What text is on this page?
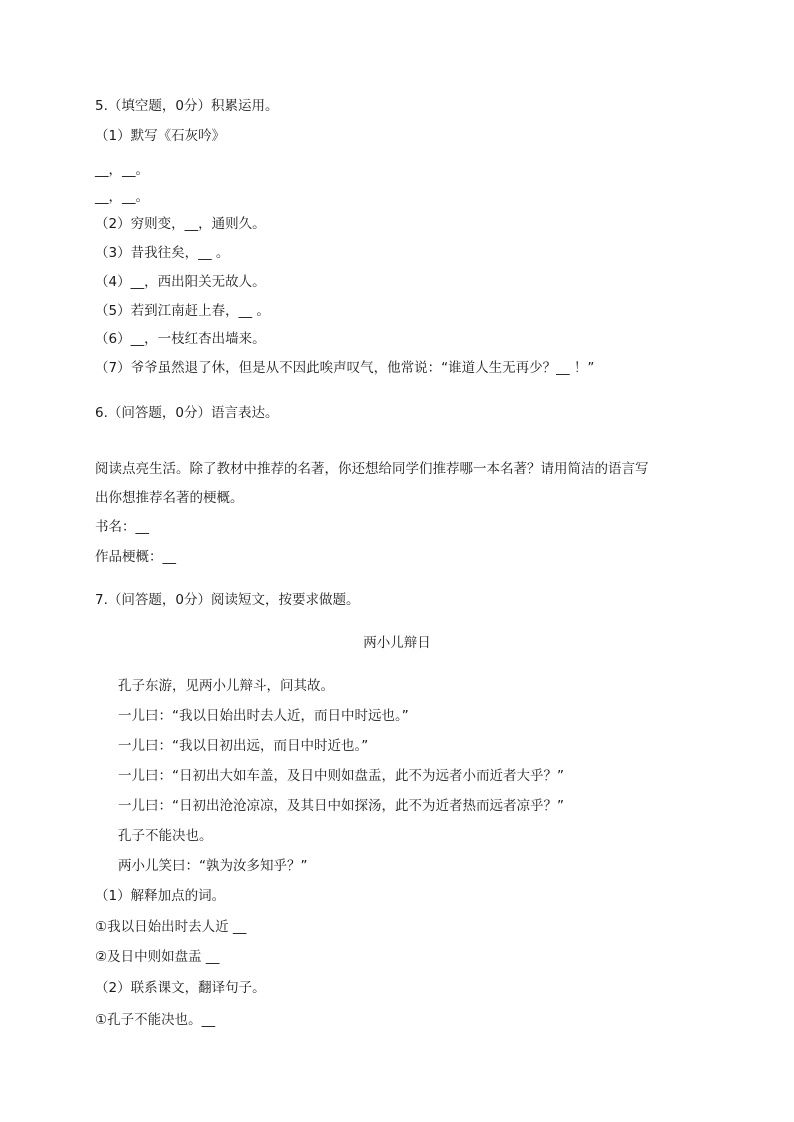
5.（填空题，0分）积累运用。
（1）默写《石灰吟》
__，__。
__，__。
（2）穷则变，__，通则久。
（3）昔我往矣，__ 。
（4）__，西出阳关无故人。
（5）若到江南赶上春，__ 。
（6）__，一枝红杏出墙来。
（7）爷爷虽然退了休，但是从不因此唉声叹气，他常说：“谁道人生无再少？__ ！”
6.（问答题，0分）语言表达。
阅读点亮生活。除了教材中推荐的名著，你还想给同学们推荐哪一本名著？请用简洁的语言写
出你想推荐名著的梗概。
书名：__
作品梗概：__
7.（问答题，0分）阅读短文，按要求做题。
两小儿辩日
孔子东游，见两小儿辩斗，问其故。
一儿曰：“我以日始出时去人近，而日中时远也。”
一儿曰：“我以日初出远，而日中时近也。”
一儿曰：“日初出大如车盖，及日中则如盘盂，此不为远者小而近者大乎？”
一儿曰：“日初出沧沧凉凉，及其日中如探汤，此不为近者热而远者凉乎？”
孔子不能决也。
两小儿笑曰：“孰为汝多知乎？”
（1）解释加点的词。
①我以日始出时去人近 __
②及日中则如盘盂 __
（2）联系课文，翻译句子。
①孔子不能决也。__
